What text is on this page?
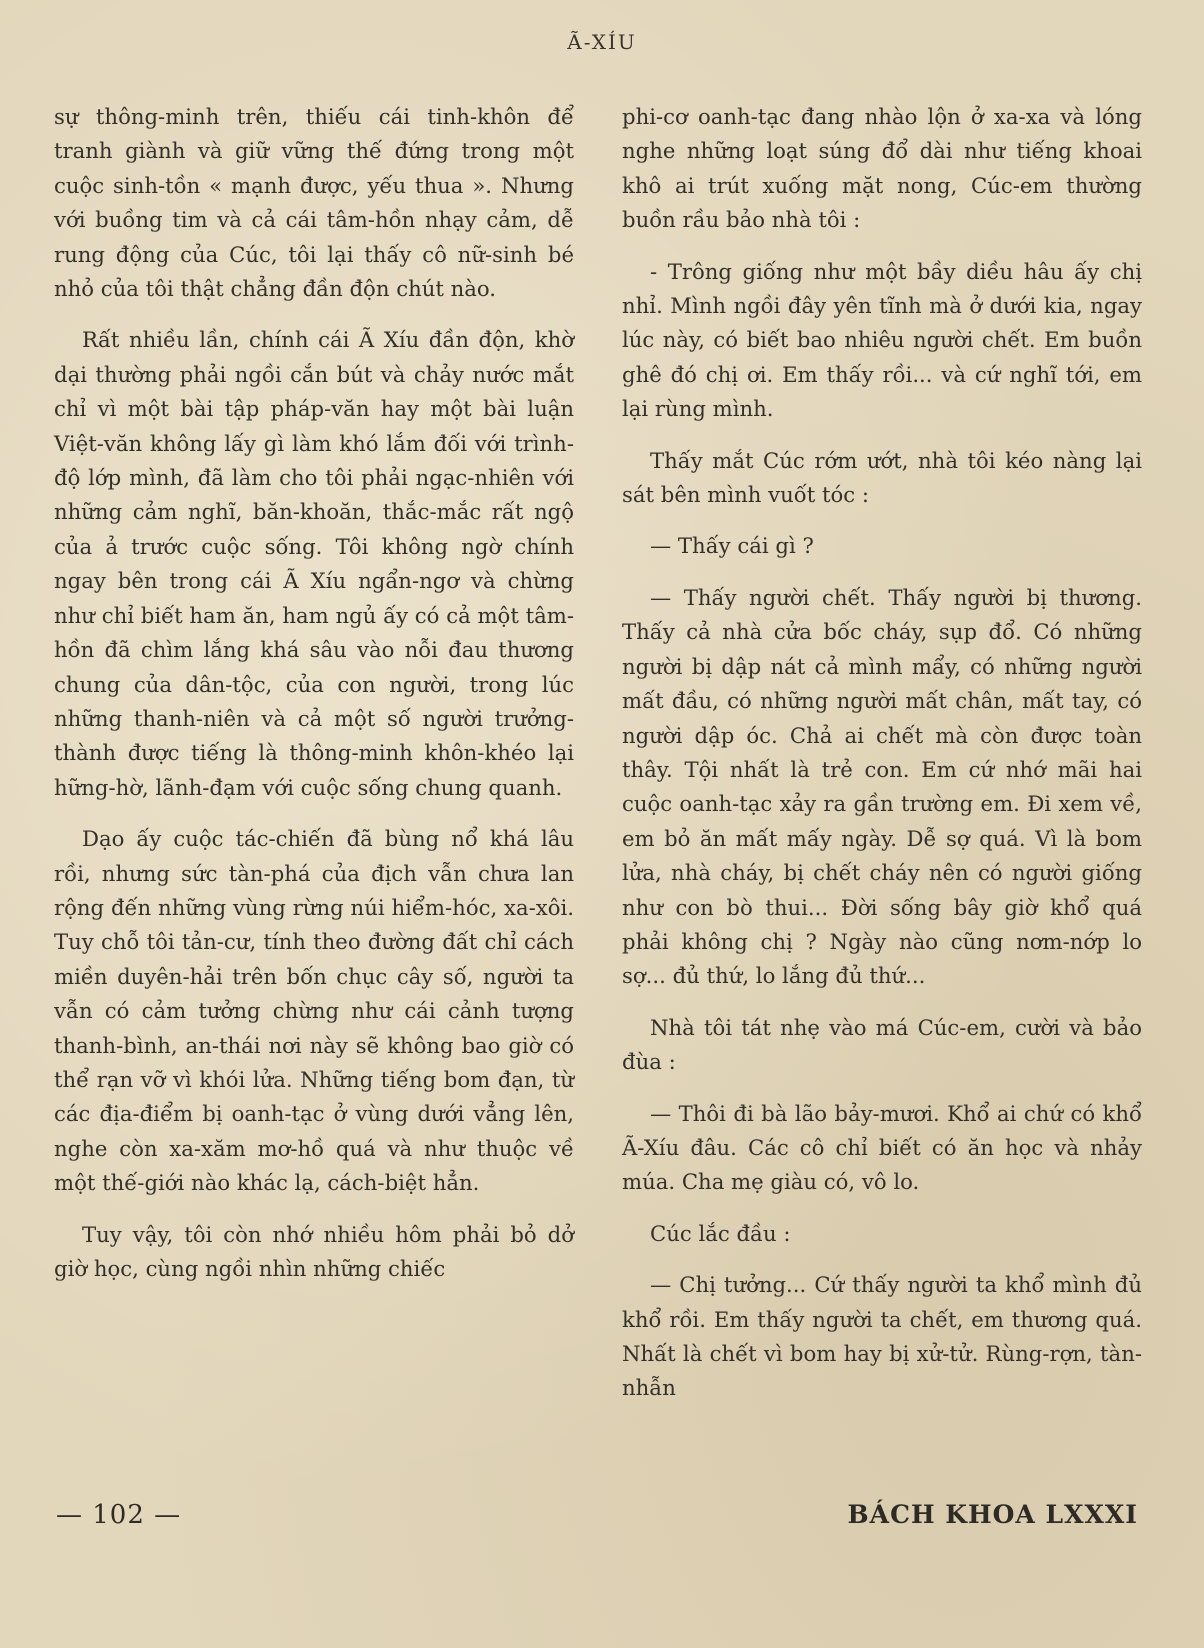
Ã-XÍU

sự thông-minh trên, thiếu cái tinh-khôn để tranh giành và giữ vững thế đứng trong một cuộc sinh-tồn « mạnh được, yếu thua ». Nhưng với buồng tim và cả cái tâm-hồn nhạy cảm, dễ rung động của Cúc, tôi lại thấy cô nữ-sinh bé nhỏ của tôi thật chẳng đần độn chút nào.

Rất nhiều lần, chính cái Ã Xíu đần độn, khờ dại thường phải ngồi cắn bút và chảy nước mắt chỉ vì một bài tập pháp-văn hay một bài luận Việt-văn không lấy gì làm khó lắm đối với trình-độ lớp mình, đã làm cho tôi phải ngạc-nhiên với những cảm nghĩ, băn-khoăn, thắc-mắc rất ngộ của ả trước cuộc sống. Tôi không ngờ chính ngay bên trong cái Ã Xíu ngẩn-ngơ và chừng như chỉ biết ham ăn, ham ngủ ấy có cả một tâm-hồn đã chìm lắng khá sâu vào nỗi đau thương chung của dân-tộc, của con người, trong lúc những thanh-niên và cả một số người trưởng-thành được tiếng là thông-minh khôn-khéo lại hững-hờ, lãnh-đạm với cuộc sống chung quanh.

Dạo ấy cuộc tác-chiến đã bùng nổ khá lâu rồi, nhưng sức tàn-phá của địch vẫn chưa lan rộng đến những vùng rừng núi hiểm-hóc, xa-xôi. Tuy chỗ tôi tản-cư, tính theo đường đất chỉ cách miền duyên-hải trên bốn chục cây số, người ta vẫn có cảm tưởng chừng như cái cảnh tượng thanh-bình, an-thái nơi này sẽ không bao giờ có thể rạn vỡ vì khói lửa. Những tiếng bom đạn, từ các địa-điểm bị oanh-tạc ở vùng dưới vẳng lên, nghe còn xa-xăm mơ-hồ quá và như thuộc về một thế-giới nào khác lạ, cách-biệt hẳn.

Tuy vậy, tôi còn nhớ nhiều hôm phải bỏ dở giờ học, cùng ngồi nhìn những chiếc

phi-cơ oanh-tạc đang nhào lộn ở xa-xa và lóng nghe những loạt súng đổ dài như tiếng khoai khô ai trút xuống mặt nong, Cúc-em thường buồn rầu bảo nhà tôi :

- Trông giống như một bầy diều hâu ấy chị nhỉ. Mình ngồi đây yên tĩnh mà ở dưới kia, ngay lúc này, có biết bao nhiêu người chết. Em buồn ghê đó chị ơi. Em thấy rồi... và cứ nghĩ tới, em lại rùng mình.

Thấy mắt Cúc rớm ướt, nhà tôi kéo nàng lại sát bên mình vuốt tóc :

— Thấy cái gì ?

— Thấy người chết. Thấy người bị thương. Thấy cả nhà cửa bốc cháy, sụp đổ. Có những người bị dập nát cả mình mẩy, có những người mất đầu, có những người mất chân, mất tay, có người dập óc. Chả ai chết mà còn được toàn thây. Tội nhất là trẻ con. Em cứ nhớ mãi hai cuộc oanh-tạc xảy ra gần trường em. Đi xem về, em bỏ ăn mất mấy ngày. Dễ sợ quá. Vì là bom lửa, nhà cháy, bị chết cháy nên có người giống như con bò thui... Đời sống bây giờ khổ quá phải không chị ? Ngày nào cũng nơm-nớp lo sợ... đủ thứ, lo lắng đủ thứ...

Nhà tôi tát nhẹ vào má Cúc-em, cười và bảo đùa :

— Thôi đi bà lão bảy-mươi. Khổ ai chứ có khổ Ã-Xíu đâu. Các cô chỉ biết có ăn học và nhảy múa. Cha mẹ giàu có, vô lo.

Cúc lắc đầu :

— Chị tưởng... Cứ thấy người ta khổ mình đủ khổ rồi. Em thấy người ta chết, em thương quá. Nhất là chết vì bom hay bị xử-tử. Rùng-rợn, tàn-nhẫn

— 102 —	BÁCH KHOA LXXXI
